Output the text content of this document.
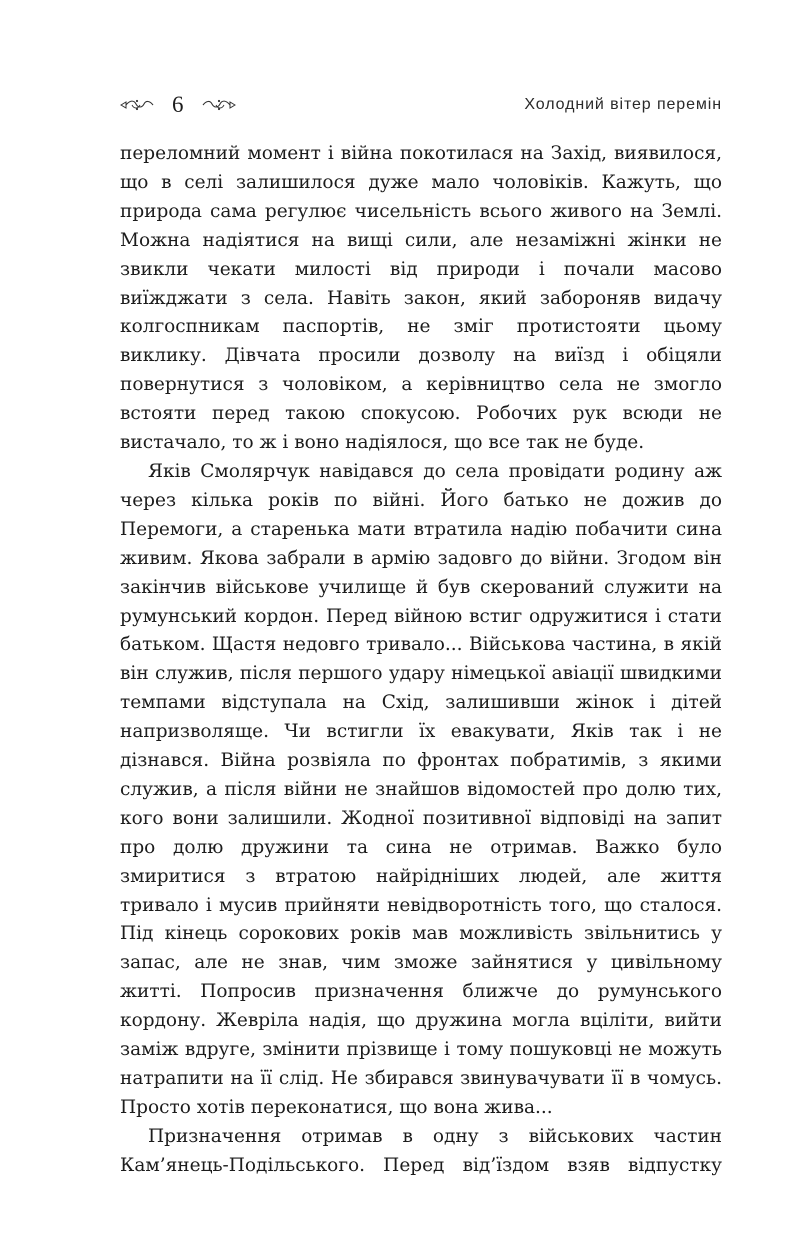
6	Холодний вітер перемін

переломний момент і війна покотилася на Захід, виявилося, що в селі залишилося дуже мало чоловіків. Кажуть, що природа сама регулює чисельність всього живого на Землі. Можна надіятися на вищі сили, але незаміжні жінки не звикли чекати милості від природи і почали масово виїжджати з села. Навіть закон, який забороняв видачу колгоспникам паспортів, не зміг протистояти цьому виклику. Дівчата просили дозволу на виїзд і обіцяли повернутися з чоловіком, а керівництво села не змогло встояти перед такою спокусою. Робочих рук всюди не вистачало, то ж і воно надіялося, що все так не буде.

Яків Смолярчук навідався до села провідати родину аж через кілька років по війні. Його батько не дожив до Перемоги, а старенька мати втратила надію побачити сина живим. Якова забрали в армію задовго до війни. Згодом він закінчив військове училище й був скерований служити на румунський кордон. Перед війною встиг одружитися і стати батьком. Щастя недовго тривало... Військова частина, в якій він служив, після першого удару німецької авіації швидкими темпами відступала на Схід, залишивши жінок і дітей напризволяще. Чи встигли їх евакувати, Яків так і не дізнався. Війна розвіяла по фронтах побратимів, з якими служив, а після війни не знайшов відомостей про долю тих, кого вони залишили. Жодної позитивної відповіді на запит про долю дружини та сина не отримав. Важко було змиритися з втратою найрідніших людей, але життя тривало і мусив прийняти невідворотність того, що сталося. Під кінець сорокових років мав можливість звільнитись у запас, але не знав, чим зможе зайнятися у цивільному житті. Попросив призначення ближче до румунського кордону. Жевріла надія, що дружина могла вціліти, вийти заміж вдруге, змінити прізвище і тому пошуковці не можуть натрапити на її слід. Не збирався звинувачувати її в чомусь. Просто хотів переконатися, що вона жива...

Призначення отримав в одну з військових частин Кам’янець-Подільського. Перед від’їздом взяв відпустку
